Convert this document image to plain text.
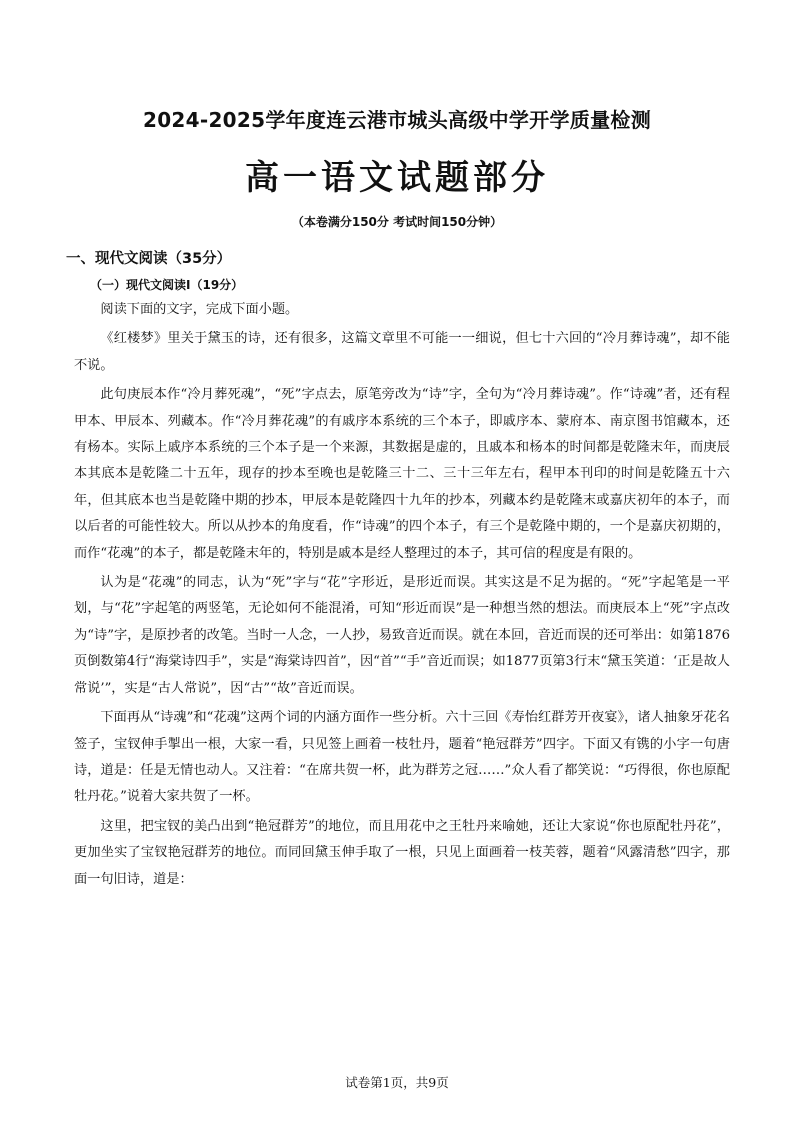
2024-2025学年度连云港市城头高级中学开学质量检测
高一语文试题部分
（本卷满分150分 考试时间150分钟）
一、现代文阅读（35分）
（一）现代文阅读Ⅰ（19分）

阅读下面的文字，完成下面小题。

《红楼梦》里关于黛玉的诗，还有很多，这篇文章里不可能一一细说，但七十六回的“冷月葬诗魂”，却不能不说。

此句庚辰本作“冷月葬死魂”，“死”字点去，原笔旁改为“诗”字，全句为“冷月葬诗魂”。作“诗魂”者，还有程甲本、甲辰本、列藏本。作“冷月葬花魂”的有戚序本系统的三个本子，即戚序本、蒙府本、南京图书馆藏本，还有杨本。实际上戚序本系统的三个本子是一个来源，其数据是虚的，且戚本和杨本的时间都是乾隆末年，而庚辰本其底本是乾隆二十五年，现存的抄本至晚也是乾隆三十二、三十三年左右，程甲本刊印的时间是乾隆五十六年，但其底本也当是乾隆中期的抄本，甲辰本是乾隆四十九年的抄本，列藏本约是乾隆末或嘉庆初年的本子，而以后者的可能性较大。所以从抄本的角度看，作“诗魂”的四个本子，有三个是乾隆中期的，一个是嘉庆初期的，而作“花魂”的本子，都是乾隆末年的，特别是戚本是经人整理过的本子，其可信的程度是有限的。

认为是“花魂”的同志，认为“死”字与“花”字形近，是形近而误。其实这是不足为据的。“死”字起笔是一平划，与“花”字起笔的两竖笔，无论如何不能混淆，可知“形近而误”是一种想当然的想法。而庚辰本上“死”字点改为“诗”字，是原抄者的改笔。当时一人念，一人抄，易致音近而误。就在本回，音近而误的还可举出：如第1876页倒数第4行“海棠诗四手”，实是“海棠诗四首”，因“首”“手”音近而误；如1877页第3行末“黛玉笑道：‘正是故人常说’”，实是“古人常说”，因“古”“故”音近而误。

下面再从“诗魂”和“花魂”这两个词的内涵方面作一些分析。六十三回《寿怡红群芳开夜宴》，诸人抽象牙花名签子，宝钗伸手掣出一根，大家一看，只见签上画着一枝牡丹，题着“艳冠群芳”四字。下面又有镌的小字一句唐诗，道是：任是无情也动人。又注着：“在席共贺一杯，此为群芳之冠……”众人看了都笑说：“巧得很，你也原配牡丹花。”说着大家共贺了一杯。

这里，把宝钗的美凸出到“艳冠群芳”的地位，而且用花中之王牡丹来喻她，还让大家说“你也原配牡丹花”，更加坐实了宝钗艳冠群芳的地位。而同回黛玉伸手取了一根，只见上面画着一枝芙蓉，题着“风露清愁”四字，那面一句旧诗，道是：

试卷第1页，共9页
